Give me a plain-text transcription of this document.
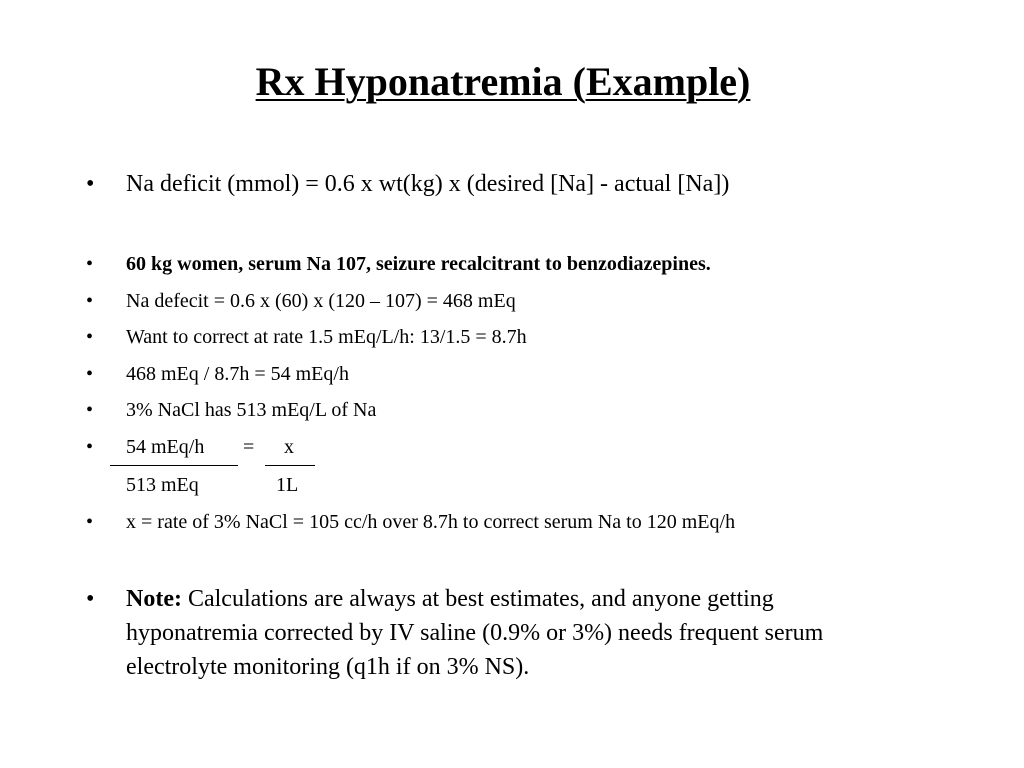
Rx Hyponatremia (Example)
• Na deficit (mmol) = 0.6 x wt(kg) x (desired [Na] - actual [Na])
• 60 kg women, serum Na 107, seizure recalcitrant to benzodiazepines.
• Na defecit = 0.6 x (60) x (120 – 107) = 468 mEq
• Want to correct at rate 1.5 mEq/L/h: 13/1.5 = 8.7h
• 468 mEq / 8.7h = 54 mEq/h
• 3% NaCl has 513 mEq/L of Na
• 54 mEq/h = x
513 mEq	1L
• x = rate of 3% NaCl = 105 cc/h over 8.7h to correct serum Na to 120 mEq/h
• Note: Calculations are always at best estimates, and anyone getting hyponatremia corrected by IV saline (0.9% or 3%) needs frequent serum electrolyte monitoring (q1h if on 3% NS).
